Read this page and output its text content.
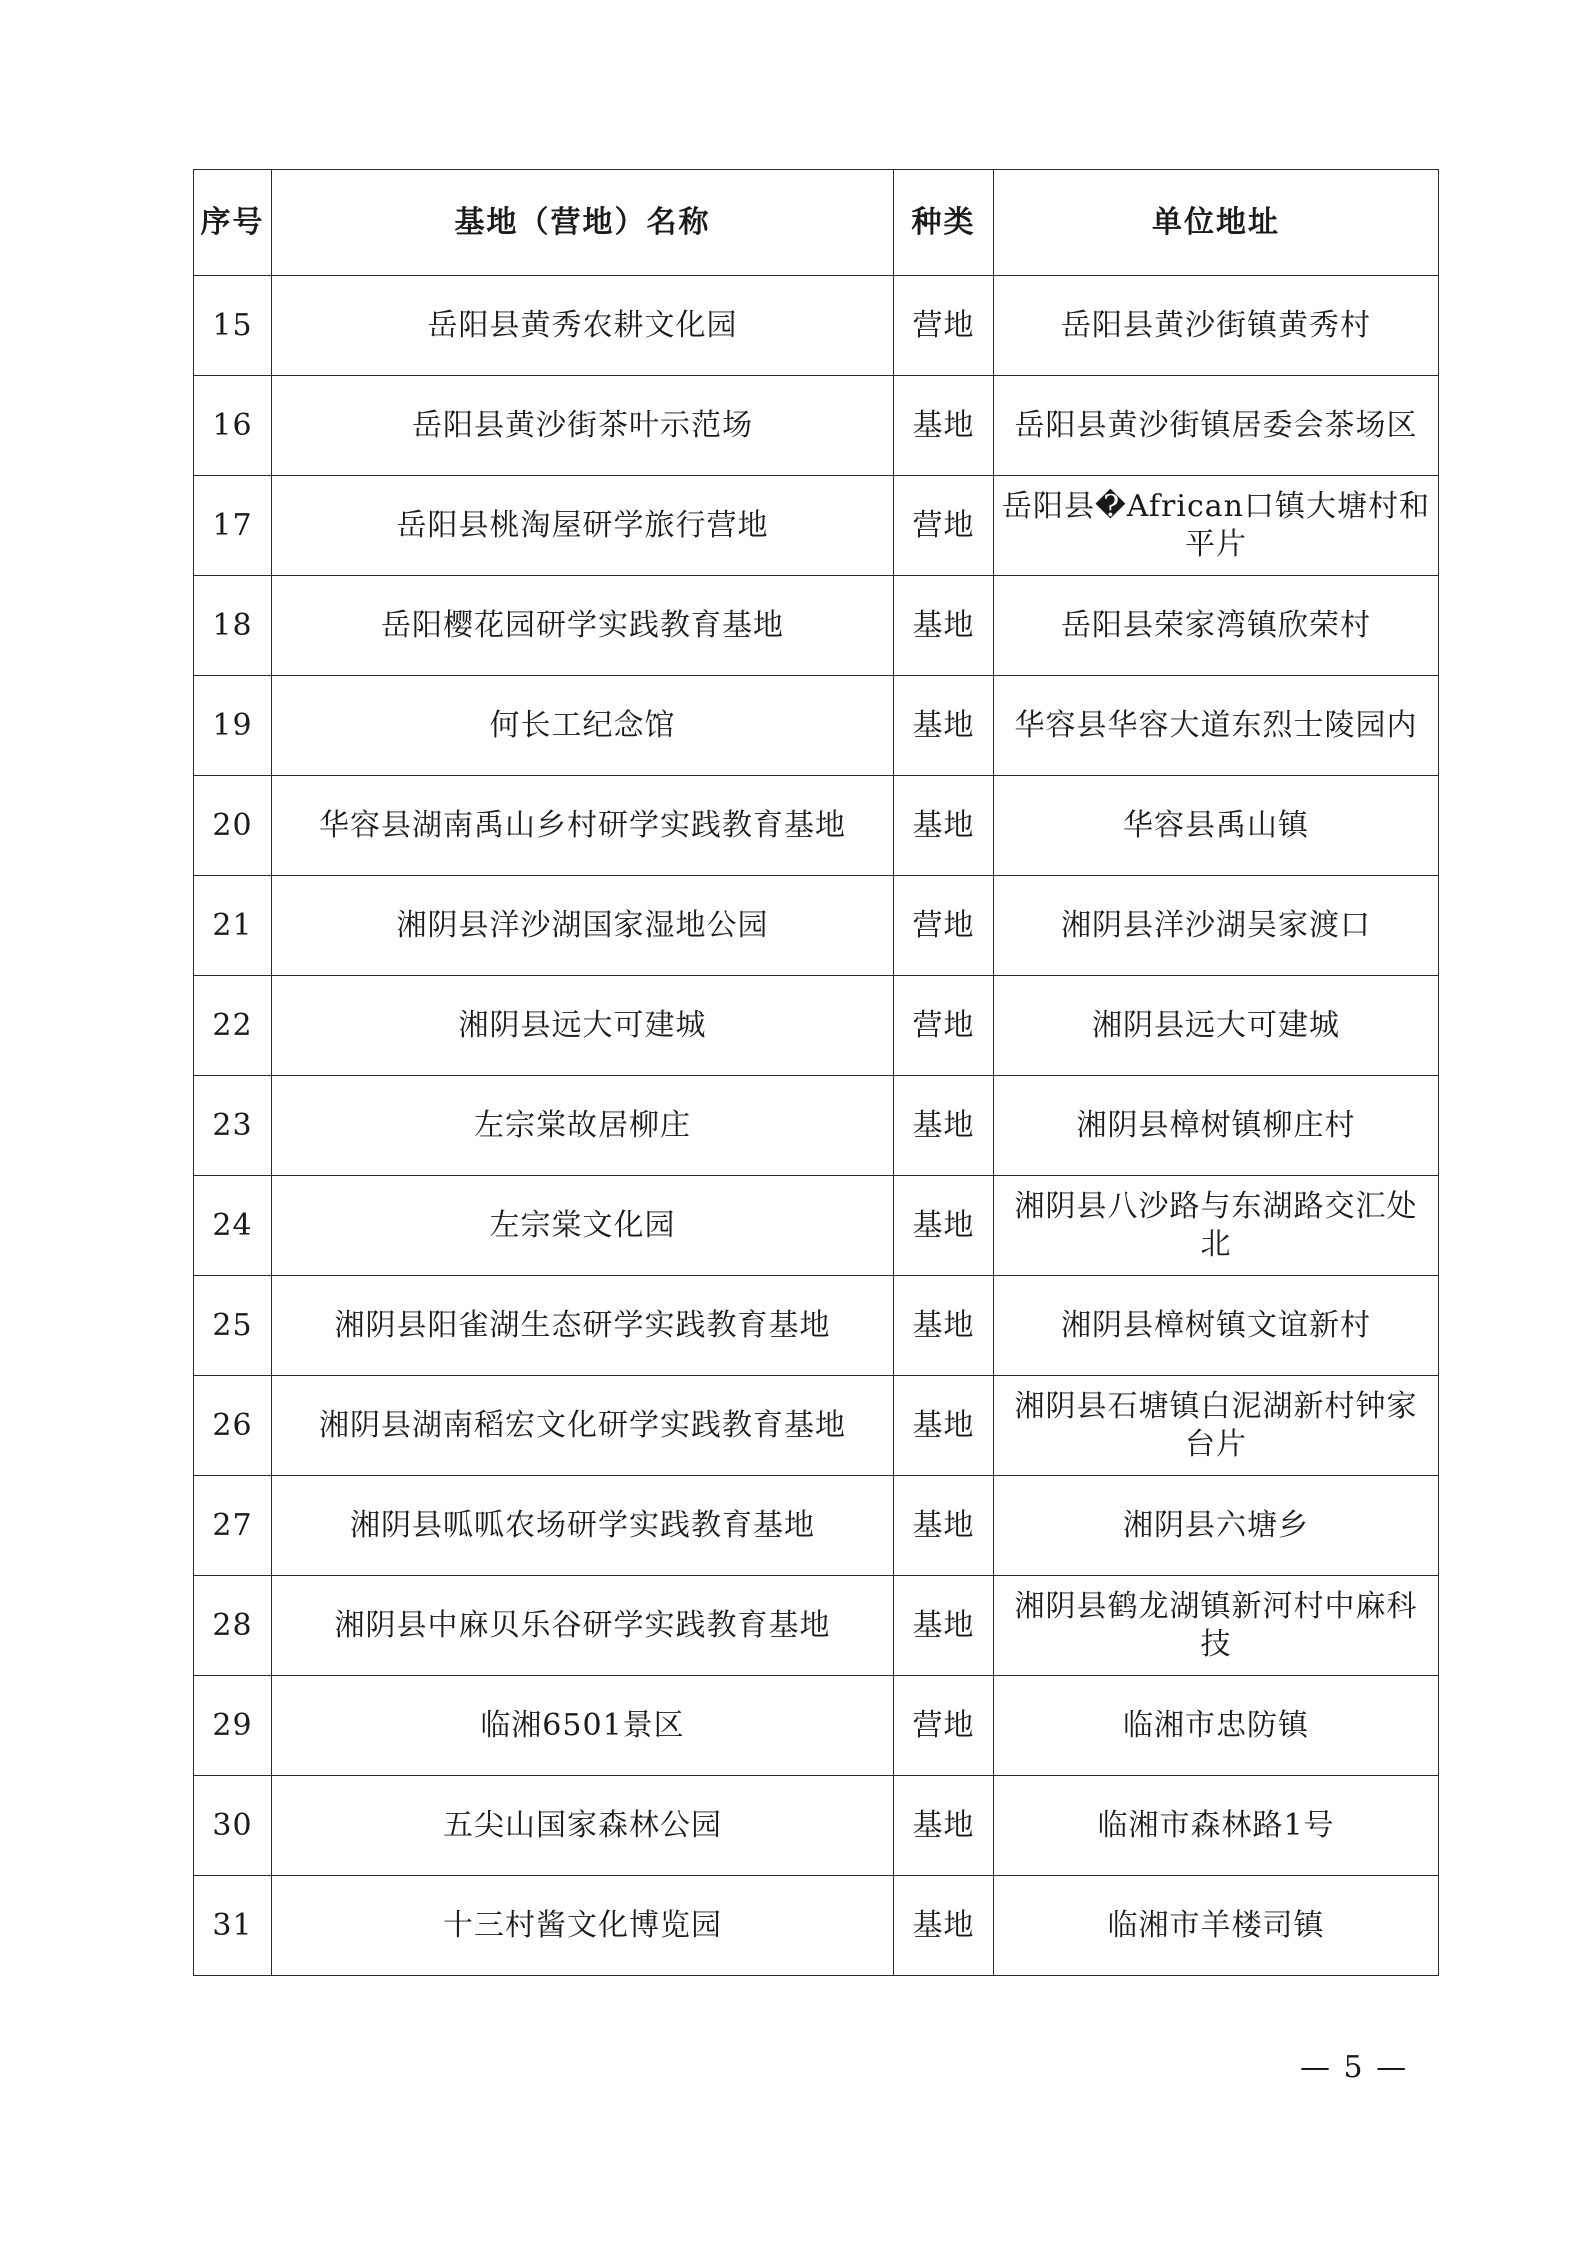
序号	基地（营地）名称	种类	单位地址
15	岳阳县黄秀农耕文化园	营地	岳阳县黄沙街镇黄秀村
16	岳阳县黄沙街茶叶示范场	基地	岳阳县黄沙街镇居委会茶场区
17	岳阳县桃淘屋研学旅行营地	营地	岳阳县�African口镇大塘村和平片
18	岳阳樱花园研学实践教育基地	基地	岳阳县荣家湾镇欣荣村
19	何长工纪念馆	基地	华容县华容大道东烈士陵园内
20	华容县湖南禹山乡村研学实践教育基地	基地	华容县禹山镇
21	湘阴县洋沙湖国家湿地公园	营地	湘阴县洋沙湖吴家渡口
22	湘阴县远大可建城	营地	湘阴县远大可建城
23	左宗棠故居柳庄	基地	湘阴县樟树镇柳庄村
24	左宗棠文化园	基地	湘阴县八沙路与东湖路交汇处北
25	湘阴县阳雀湖生态研学实践教育基地	基地	湘阴县樟树镇文谊新村
26	湘阴县湖南稻宏文化研学实践教育基地	基地	湘阴县石塘镇白泥湖新村钟家台片
27	湘阴县呱呱农场研学实践教育基地	基地	湘阴县六塘乡
28	湘阴县中麻贝乐谷研学实践教育基地	基地	湘阴县鹤龙湖镇新河村中麻科技
29	临湘6501景区	营地	临湘市忠防镇
30	五尖山国家森林公园	基地	临湘市森林路1号
31	十三村酱文化博览园	基地	临湘市羊楼司镇
— 5 —
